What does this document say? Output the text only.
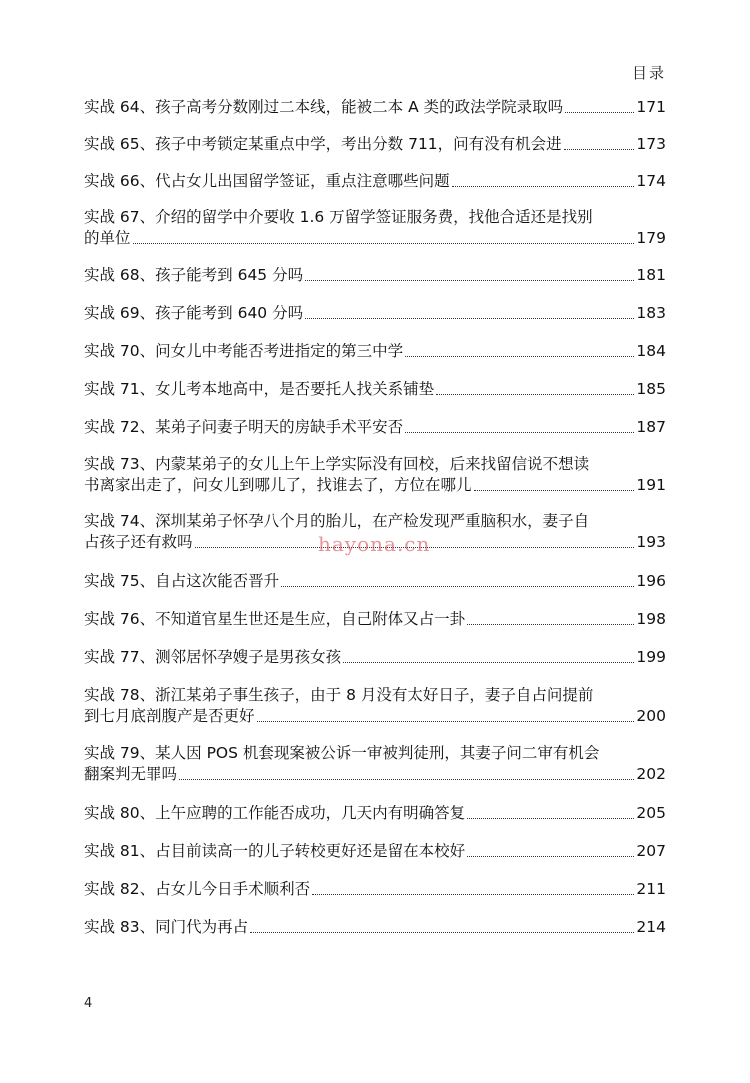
目录
实战 64、孩子高考分数刚过二本线，能被二本 A 类的政法学院录取吗	171
实战 65、孩子中考锁定某重点中学，考出分数 711，问有没有机会进	173
实战 66、代占女儿出国留学签证，重点注意哪些问题	174
实战 67、介绍的留学中介要收 1.6 万留学签证服务费，找他合适还是找别
的单位	179
实战 68、孩子能考到 645 分吗	181
实战 69、孩子能考到 640 分吗	183
实战 70、问女儿中考能否考进指定的第三中学	184
实战 71、女儿考本地高中，是否要托人找关系铺垫	185
实战 72、某弟子问妻子明天的房缺手术平安否	187
实战 73、内蒙某弟子的女儿上午上学实际没有回校，后来找留信说不想读
书离家出走了，问女儿到哪儿了，找谁去了，方位在哪儿	191
实战 74、深圳某弟子怀孕八个月的胎儿，在产检发现严重脑积水，妻子自
占孩子还有救吗	193
实战 75、自占这次能否晋升	196
实战 76、不知道官星生世还是生应，自己附体又占一卦	198
实战 77、测邻居怀孕嫂子是男孩女孩	199
实战 78、浙江某弟子事生孩子，由于 8 月没有太好日子，妻子自占问提前
到七月底剖腹产是否更好	200
实战 79、某人因 POS 机套现案被公诉一审被判徒刑，其妻子问二审有机会
翻案判无罪吗	202
实战 80、上午应聘的工作能否成功，几天内有明确答复	205
实战 81、占目前读高一的儿子转校更好还是留在本校好	207
实战 82、占女儿今日手术顺利否	211
实战 83、同门代为再占	214
hayona.cn
4
